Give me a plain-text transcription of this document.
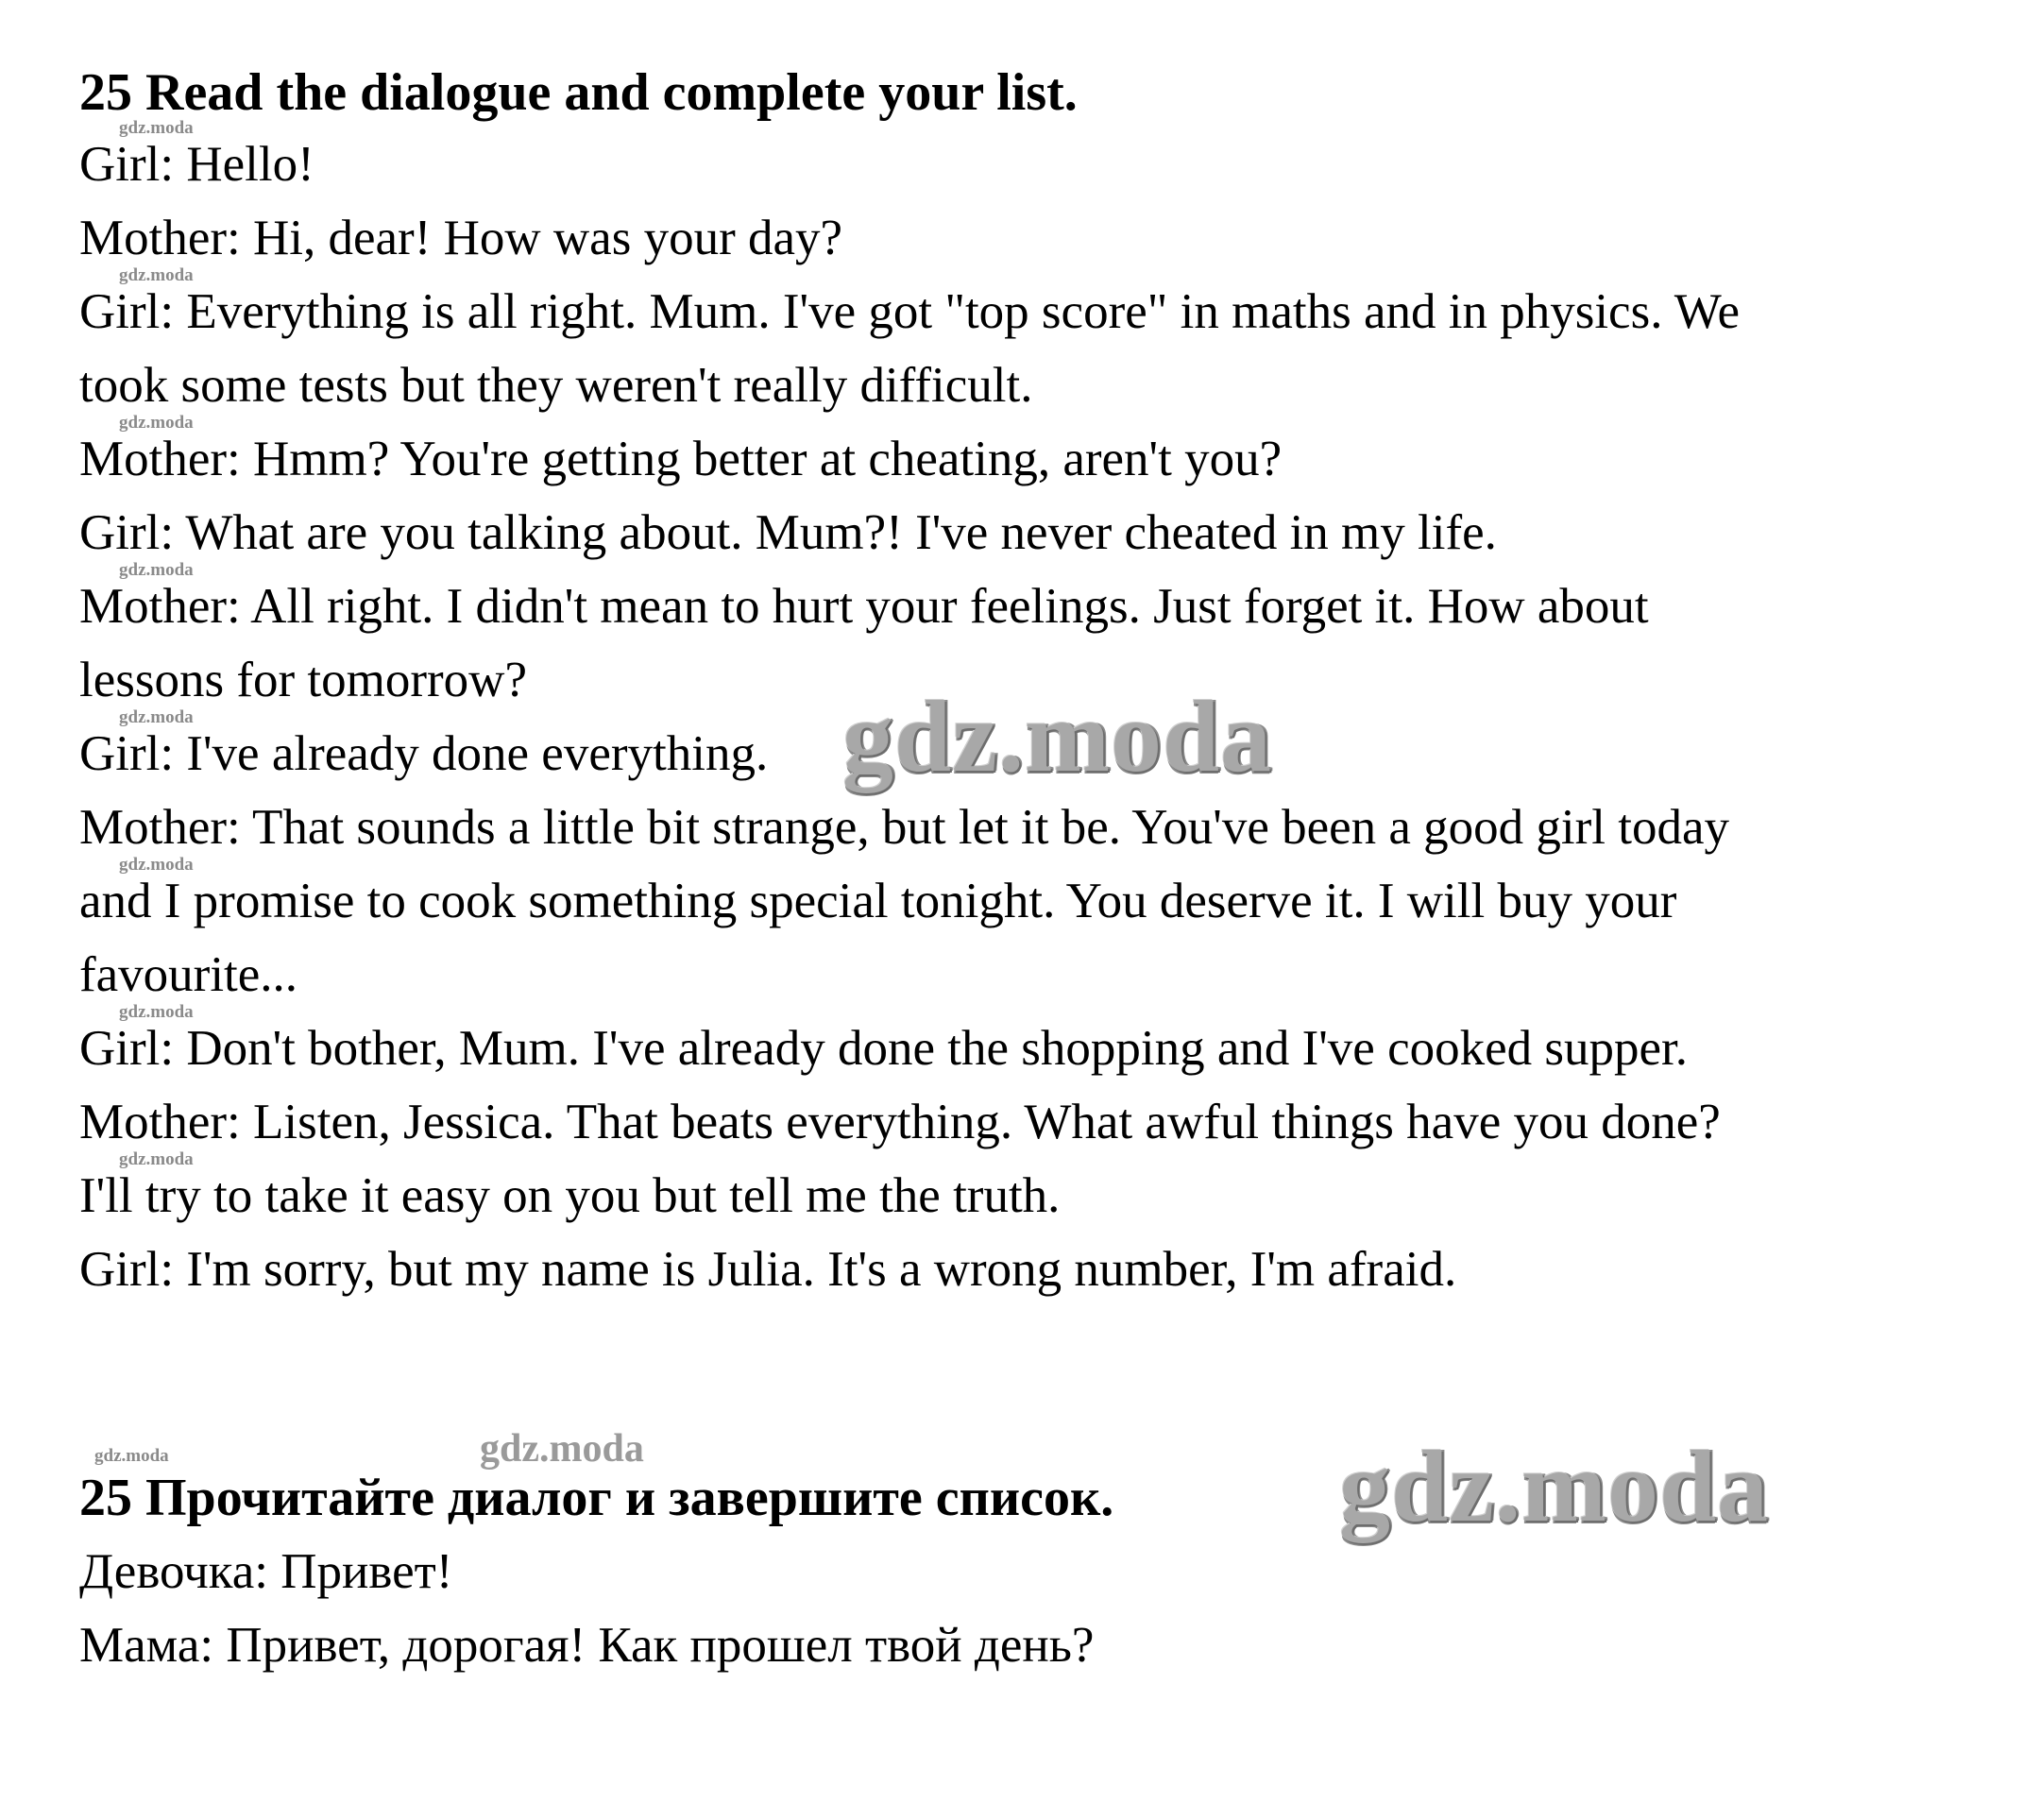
25 Read the dialogue and complete your list.
Girl: Hello!
Mother: Hi, dear! How was your day?
Girl: Everything is all right. Mum. I've got "top score" in maths and in physics. We
took some tests but they weren't really difficult.
Mother: Hmm? You're getting better at cheating, aren't you?
Girl: What are you talking about. Mum?! I've never cheated in my life.
Mother: All right. I didn't mean to hurt your feelings. Just forget it. How about
lessons for tomorrow?
Girl: I've already done everything.
Mother: That sounds a little bit strange, but let it be. You've been a good girl today
and I promise to cook something special tonight. You deserve it. I will buy your
favourite...
Girl: Don't bother, Mum. I've already done the shopping and I've cooked supper.
Mother: Listen, Jessica. That beats everything. What awful things have you done?
I'll try to take it easy on you but tell me the truth.
Girl: I'm sorry, but my name is Julia. It's a wrong number, I'm afraid.
25 Прочитайте диалог и завершите список.
Девочка: Привет!
Мама: Привет, дорогая! Как прошел твой день?
gdz.moda
gdz.moda
gdz.moda
gdz.moda
gdz.moda
gdz.moda
gdz.moda
gdz.moda
gdz.moda	gdz.moda
gdz.moda
gdz.moda
